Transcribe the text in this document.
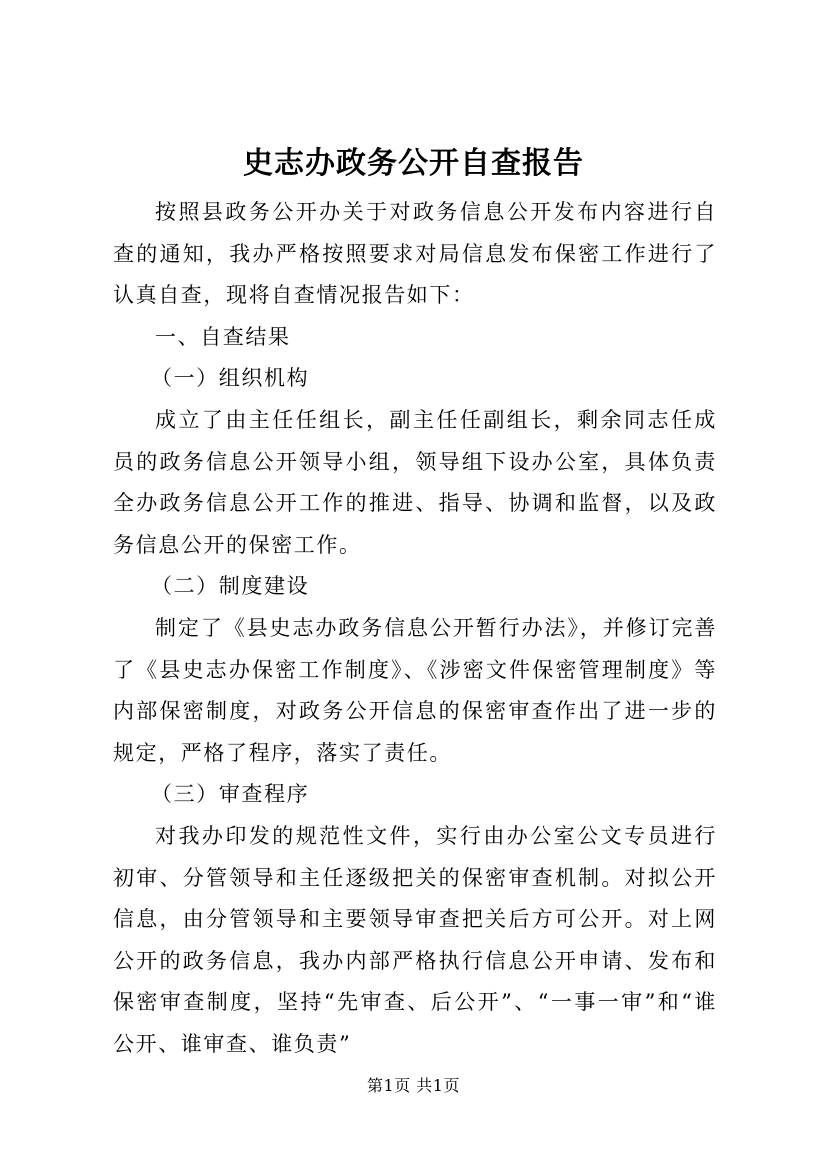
史志办政务公开自查报告

按照县政务公开办关于对政务信息公开发布内容进行自查的通知，我办严格按照要求对局信息发布保密工作进行了认真自查，现将自查情况报告如下：

一、自查结果

（一）组织机构

成立了由主任任组长，副主任任副组长，剩余同志任成员的政务信息公开领导小组，领导组下设办公室，具体负责全办政务信息公开工作的推进、指导、协调和监督，以及政务信息公开的保密工作。

（二）制度建设

制定了《县史志办政务信息公开暂行办法》，并修订完善了《县史志办保密工作制度》、《涉密文件保密管理制度》等内部保密制度，对政务公开信息的保密审查作出了进一步的规定，严格了程序，落实了责任。

（三）审查程序

对我办印发的规范性文件，实行由办公室公文专员进行初审、分管领导和主任逐级把关的保密审查机制。对拟公开信息，由分管领导和主要领导审查把关后方可公开。对上网公开的政务信息，我办内部严格执行信息公开申请、发布和保密审查制度，坚持“先审查、后公开”、“一事一审”和“谁公开、谁审查、谁负责”

第1页 共1页
